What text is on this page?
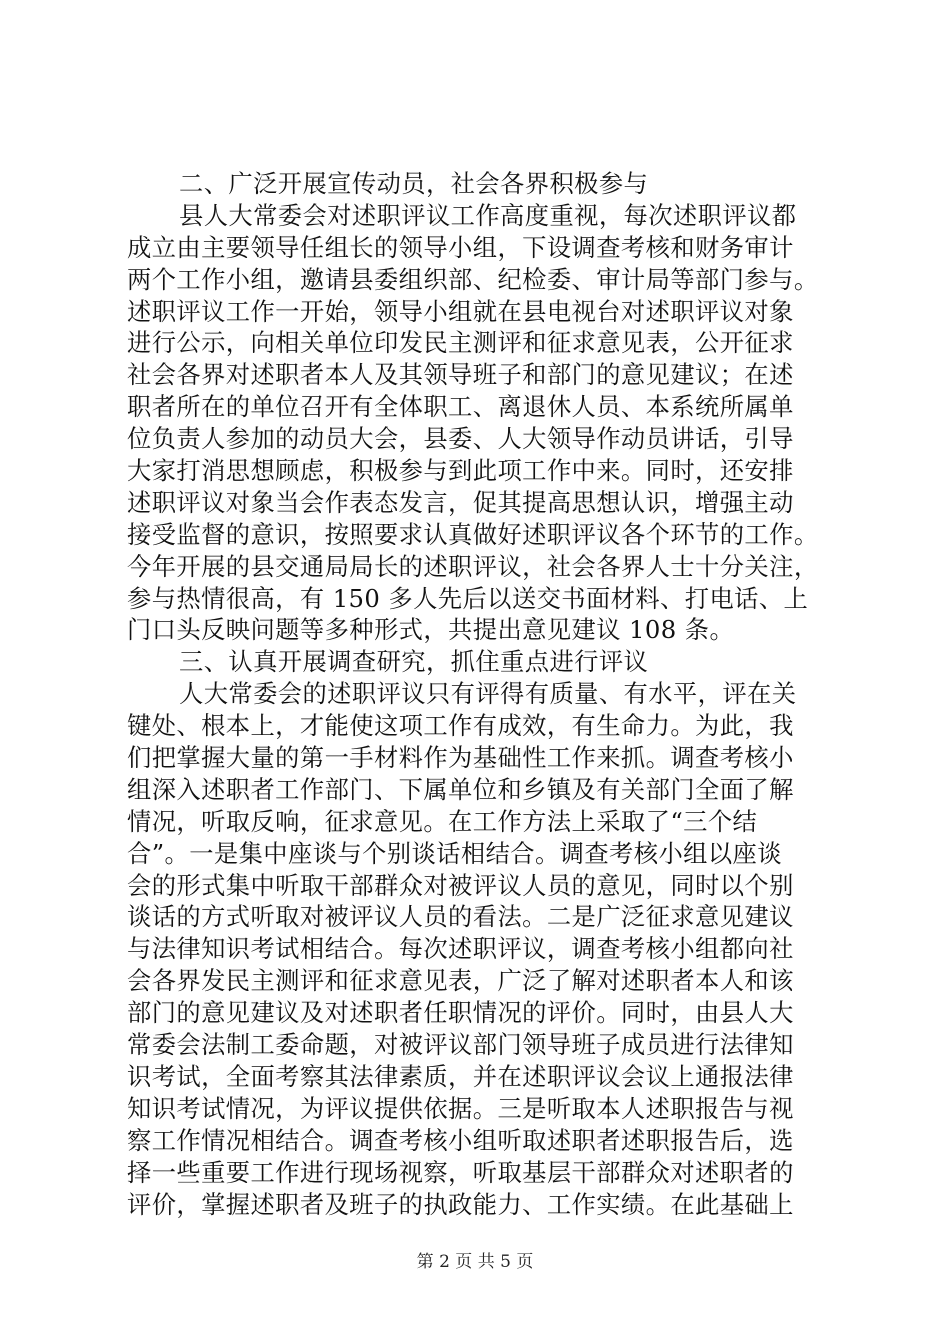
二、广泛开展宣传动员，社会各界积极参与
县人大常委会对述职评议工作高度重视，每次述职评议都
成立由主要领导任组长的领导小组，下设调查考核和财务审计
两个工作小组，邀请县委组织部、纪检委、审计局等部门参与。
述职评议工作一开始，领导小组就在县电视台对述职评议对象
进行公示，向相关单位印发民主测评和征求意见表，公开征求
社会各界对述职者本人及其领导班子和部门的意见建议；在述
职者所在的单位召开有全体职工、离退休人员、本系统所属单
位负责人参加的动员大会，县委、人大领导作动员讲话，引导
大家打消思想顾虑，积极参与到此项工作中来。同时，还安排
述职评议对象当会作表态发言，促其提高思想认识，增强主动
接受监督的意识，按照要求认真做好述职评议各个环节的工作。
今年开展的县交通局局长的述职评议，社会各界人士十分关注，
参与热情很高，有 150 多人先后以送交书面材料、打电话、上
门口头反映问题等多种形式，共提出意见建议 108 条。
三、认真开展调查研究，抓住重点进行评议
人大常委会的述职评议只有评得有质量、有水平，评在关
键处、根本上，才能使这项工作有成效，有生命力。为此，我
们把掌握大量的第一手材料作为基础性工作来抓。调查考核小
组深入述职者工作部门、下属单位和乡镇及有关部门全面了解
情况，听取反响，征求意见。在工作方法上采取了“三个结
合”。一是集中座谈与个别谈话相结合。调查考核小组以座谈
会的形式集中听取干部群众对被评议人员的意见，同时以个别
谈话的方式听取对被评议人员的看法。二是广泛征求意见建议
与法律知识考试相结合。每次述职评议，调查考核小组都向社
会各界发民主测评和征求意见表，广泛了解对述职者本人和该
部门的意见建议及对述职者任职情况的评价。同时，由县人大
常委会法制工委命题，对被评议部门领导班子成员进行法律知
识考试，全面考察其法律素质，并在述职评议会议上通报法律
知识考试情况，为评议提供依据。三是听取本人述职报告与视
察工作情况相结合。调查考核小组听取述职者述职报告后，选
择一些重要工作进行现场视察，听取基层干部群众对述职者的
评价，掌握述职者及班子的执政能力、工作实绩。在此基础上
第 2 页 共 5 页
